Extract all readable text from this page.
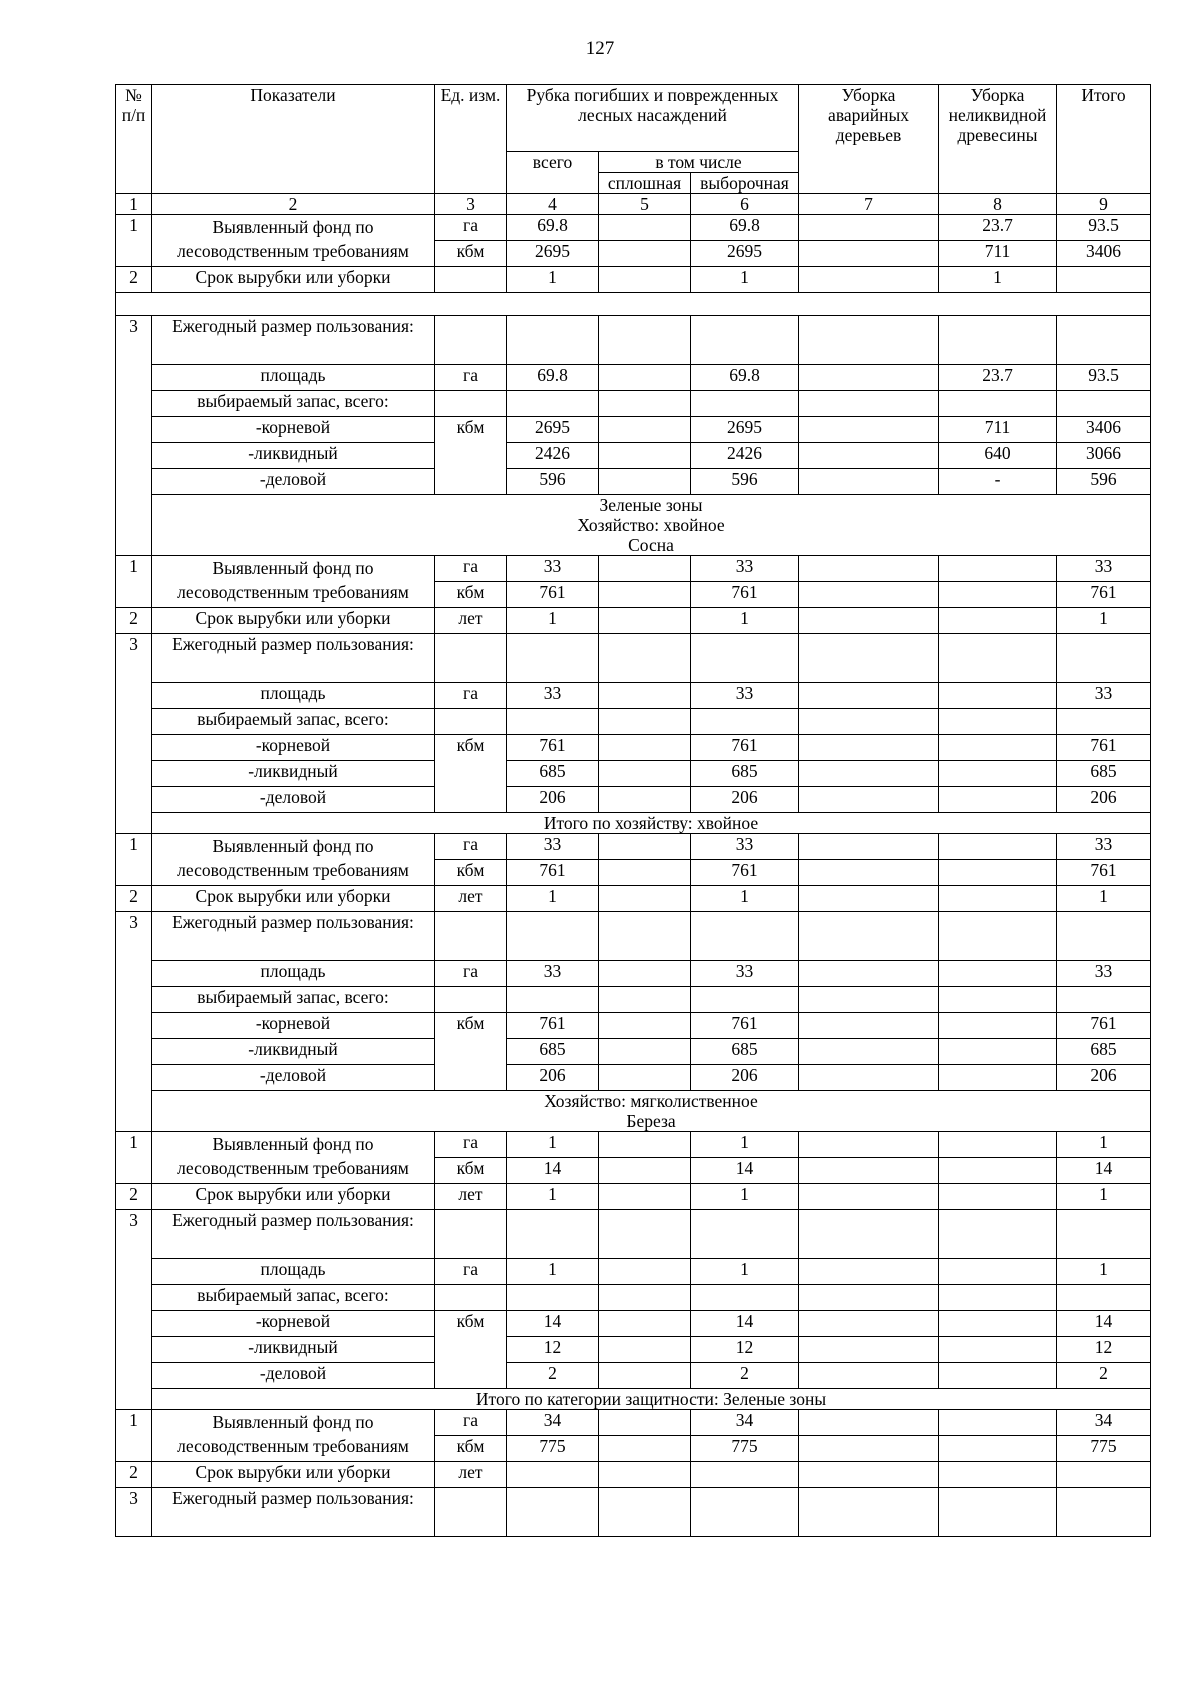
127
№ п/п	Показатели	Ед. изм.	Рубка погибших и поврежденных лесных насаждений			Уборка аварийных деревьев	Уборка неликвидной древесины	Итого
			всего	в том числе				
				сплошная	выборочная			
1	2	3	4	5	6	7	8	9
1	Выявленный фонд по лесоводственным требованиям	га	69.8		69.8		23.7	93.5
		кбм	2695		2695		711	3406
2	Срок вырубки или уборки		1		1		1	

3	Ежегодный размер пользования:							
	площадь	га	69.8		69.8		23.7	93.5
	выбираемый запас, всего:							
	-корневой	кбм	2695		2695		711	3406
	-ликвидный		2426		2426		640	3066
	-деловой		596		596		-	596

	Зеленые зоны
Хозяйство: хвойное
Сосна							

1	Выявленный фонд по лесоводственным требованиям	га	33		33			33
		кбм	761		761			761
2	Срок вырубки или уборки	лет	1		1			1
3	Ежегодный размер пользования:							
	площадь	га	33		33			33
	выбираемый запас, всего:							
	-корневой	кбм	761		761			761
	-ликвидный		685		685			685
	-деловой		206		206			206
	Итого по хозяйству: хвойное							
1	Выявленный фонд по лесоводственным требованиям	га	33		33			33
		кбм	761		761			761
2	Срок вырубки или уборки	лет	1		1			1
3	Ежегодный размер пользования:							
	площадь	га	33		33			33
	выбираемый запас, всего:							
	-корневой	кбм	761		761			761
	-ликвидный		685		685			685
	-деловой		206		206			206

	Хозяйство: мягколиственное
Береза							

1	Выявленный фонд по лесоводственным требованиям	га	1		1			1
		кбм	14		14			14
2	Срок вырубки или уборки	лет	1		1			1
3	Ежегодный размер пользования:							
	площадь	га	1		1			1
	выбираемый запас, всего:							
	-корневой	кбм	14		14			14
	-ликвидный		12		12			12
	-деловой		2		2			2
	Итого по категории защитности: Зеленые зоны							
1	Выявленный фонд по лесоводственным требованиям	га	34		34			34
		кбм	775		775			775
2	Срок вырубки или уборки	лет						
3	Ежегодный размер пользования:							
